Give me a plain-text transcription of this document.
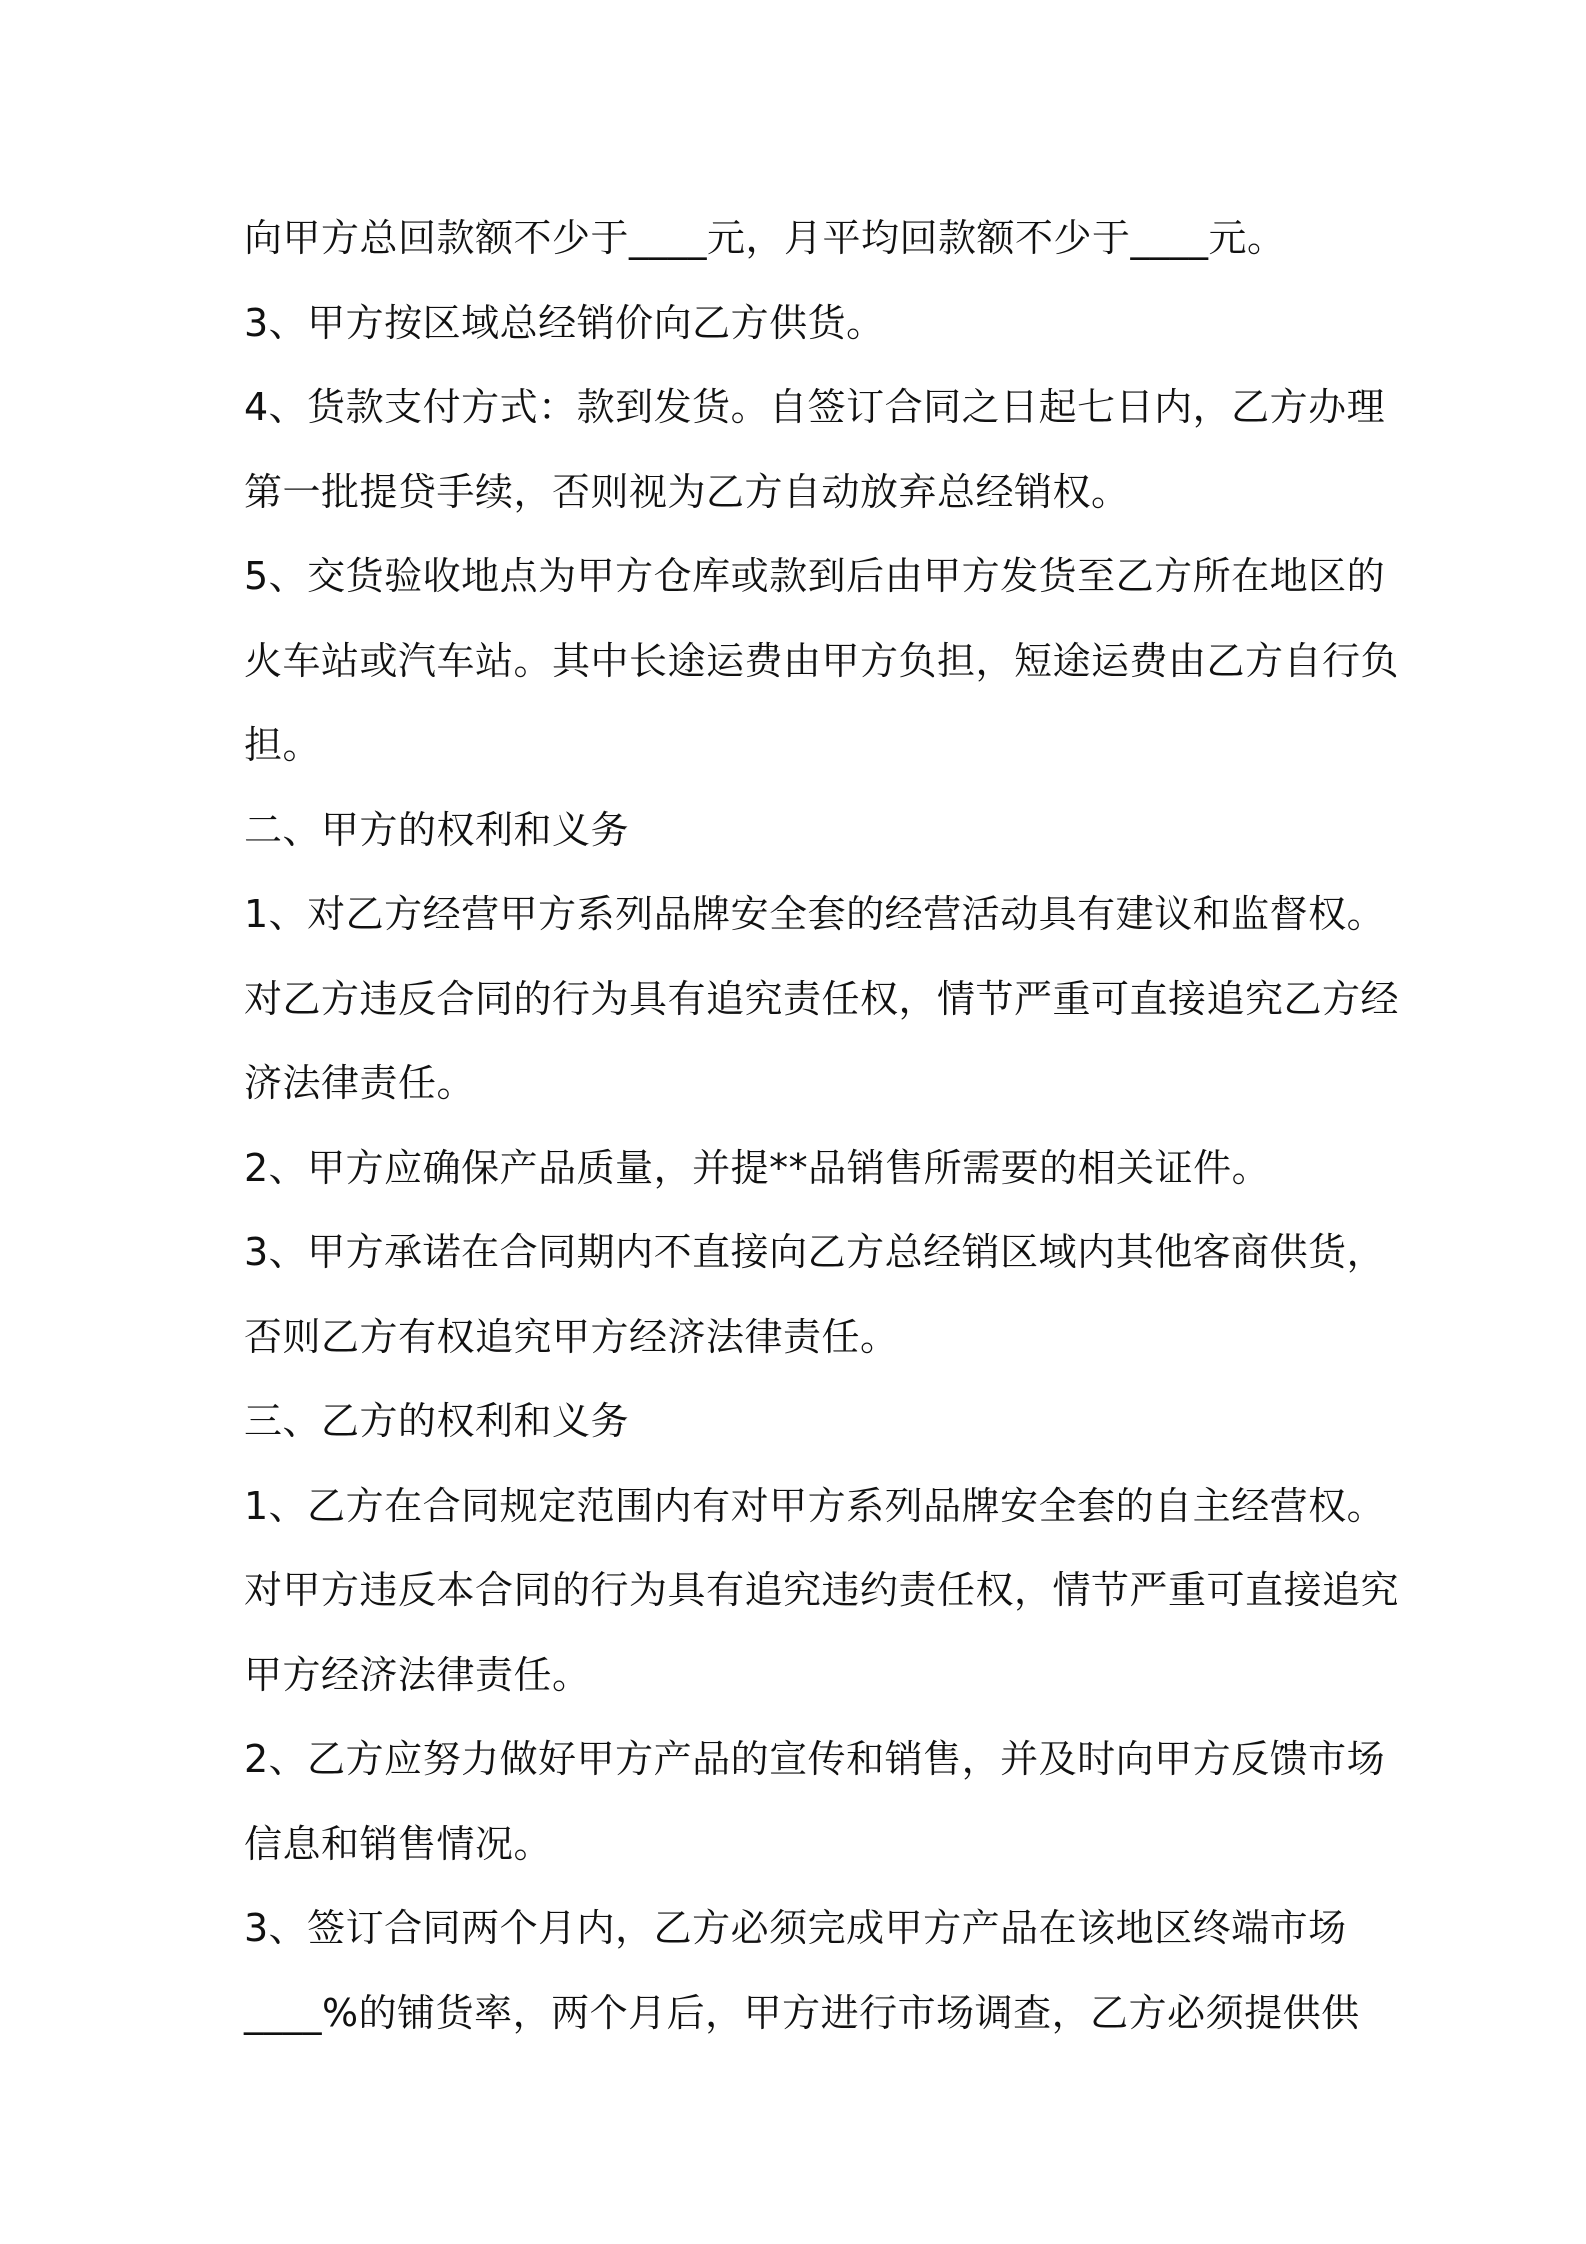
向甲方总回款额不少于____元，月平均回款额不少于____元。
3、甲方按区域总经销价向乙方供货。
4、货款支付方式：款到发货。自签订合同之日起七日内，乙方办理
第一批提贷手续，否则视为乙方自动放弃总经销权。
5、交货验收地点为甲方仓库或款到后由甲方发货至乙方所在地区的
火车站或汽车站。其中长途运费由甲方负担，短途运费由乙方自行负
担。
二、甲方的权利和义务
1、对乙方经营甲方系列品牌安全套的经营活动具有建议和监督权。
对乙方违反合同的行为具有追究责任权，情节严重可直接追究乙方经
济法律责任。
2、甲方应确保产品质量，并提**品销售所需要的相关证件。
3、甲方承诺在合同期内不直接向乙方总经销区域内其他客商供货，
否则乙方有权追究甲方经济法律责任。
三、乙方的权利和义务
1、乙方在合同规定范围内有对甲方系列品牌安全套的自主经营权。
对甲方违反本合同的行为具有追究违约责任权，情节严重可直接追究
甲方经济法律责任。
2、乙方应努力做好甲方产品的宣传和销售，并及时向甲方反馈市场
信息和销售情况。
3、签订合同两个月内，乙方必须完成甲方产品在该地区终端市场
____%的铺货率，两个月后，甲方进行市场调查，乙方必须提供供
